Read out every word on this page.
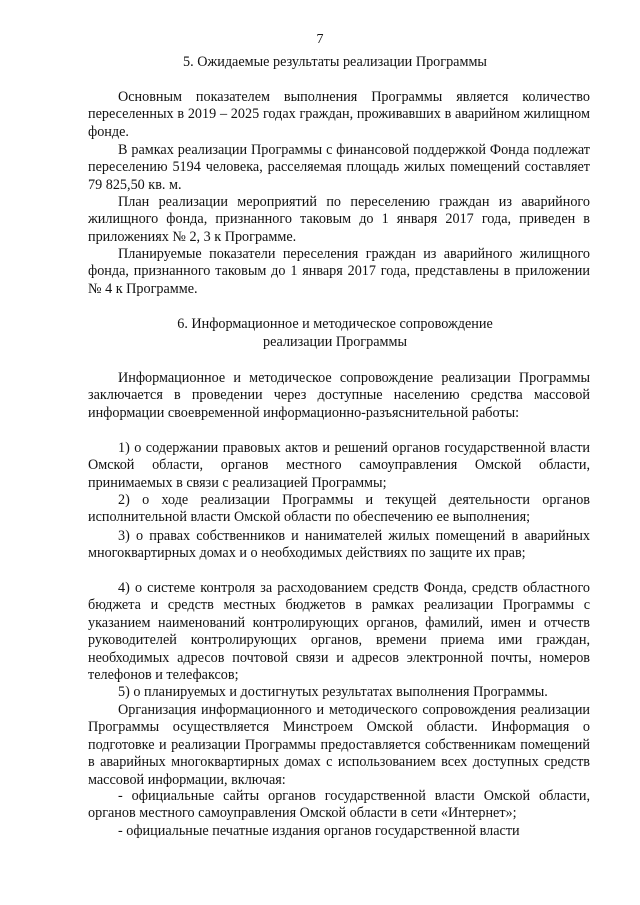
7
5. Ожидаемые результаты реализации Программы

Основным показателем выполнения Программы является количество переселенных в 2019 – 2025 годах граждан, проживавших в аварийном жилищном фонде.

В рамках реализации Программы с финансовой поддержкой Фонда подлежат переселению 5194 человека, расселяемая площадь жилых помещений составляет 79 825,50 кв. м.

План реализации мероприятий по переселению граждан из аварийного жилищного фонда, признанного таковым до 1 января 2017 года, приведен в приложениях № 2, 3 к Программе.

Планируемые показатели переселения граждан из аварийного жилищного фонда, признанного таковым до 1 января 2017 года, представлены в приложении № 4 к Программе.

6. Информационное и методическое сопровождение
реализации Программы

Информационное и методическое сопровождение реализации Программы заключается в проведении через доступные населению средства массовой информации своевременной информационно-разъяснительной работы:

1) о содержании правовых актов и решений органов государственной власти Омской области, органов местного самоуправления Омской области, принимаемых в связи с реализацией Программы;

2) о ходе реализации Программы и текущей деятельности органов исполнительной власти Омской области по обеспечению ее выполнения;

3) о правах собственников и нанимателей жилых помещений в аварийных многоквартирных домах и о необходимых действиях по защите их прав;

4) о системе контроля за расходованием средств Фонда, средств областного бюджета и средств местных бюджетов в рамках реализации Программы с указанием наименований контролирующих органов, фамилий, имен и отчеств руководителей контролирующих органов, времени приема ими граждан, необходимых адресов почтовой связи и адресов электронной почты, номеров телефонов и телефаксов;

5) о планируемых и достигнутых результатах выполнения Программы.

Организация информационного и методического сопровождения реализации Программы осуществляется Минстроем Омской области. Информация о подготовке и реализации Программы предоставляется собственникам помещений в аварийных многоквартирных домах с использованием всех доступных средств массовой информации, включая:

- официальные сайты органов государственной власти Омской области, органов местного самоуправления Омской области в сети «Интернет»;

- официальные печатные издания органов государственной власти
